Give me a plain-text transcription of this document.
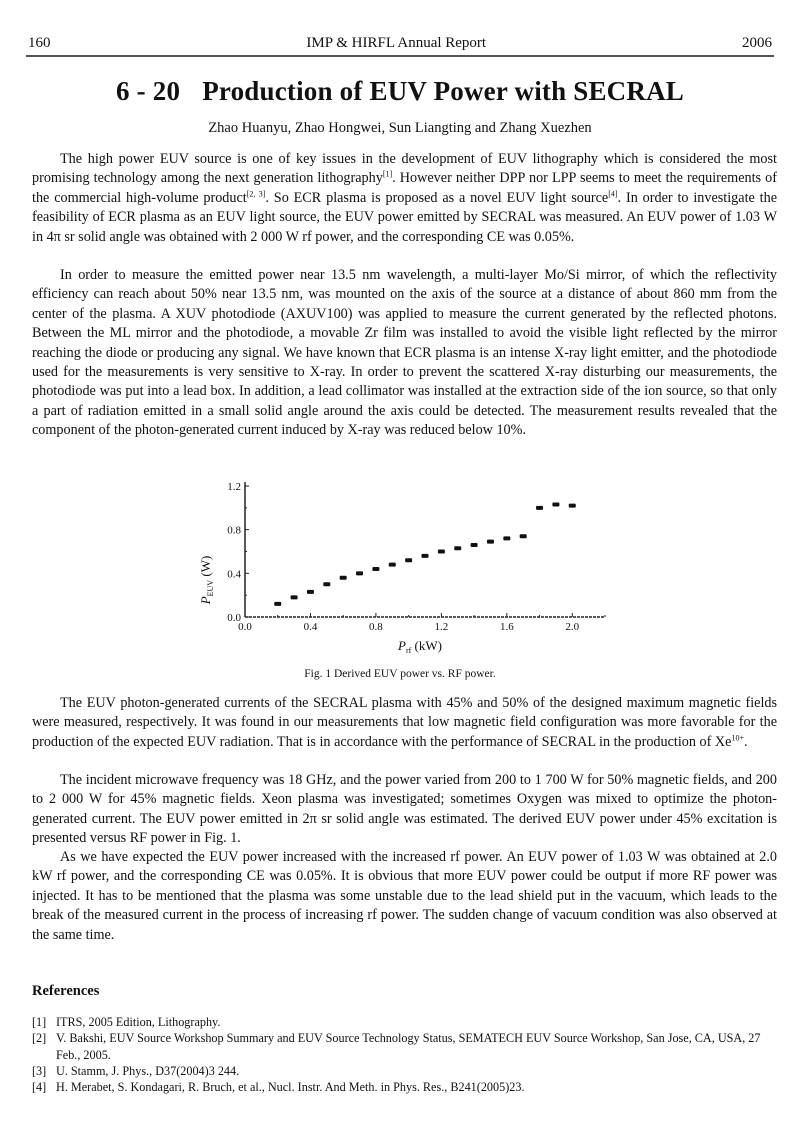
160	IMP & HIRFL Annual Report	2006
6 - 20 Production of EUV Power with SECRAL
Zhao Huanyu, Zhao Hongwei, Sun Liangting and Zhang Xuezhen

The high power EUV source is one of key issues in the development of EUV lithography which is considered the most promising technology among the next generation lithography[1]. However neither DPP nor LPP seems to meet the requirements of the commercial high-volume product[2, 3]. So ECR plasma is proposed as a novel EUV light source[4]. In order to investigate the feasibility of ECR plasma as an EUV light source, the EUV power emitted by SECRAL was measured. An EUV power of 1.03 W in 4π sr solid angle was obtained with 2 000 W rf power, and the corresponding CE was 0.05%.

In order to measure the emitted power near 13.5 nm wavelength, a multi-layer Mo/Si mirror, of which the reflectivity efficiency can reach about 50% near 13.5 nm, was mounted on the axis of the source at a distance of about 860 mm from the center of the plasma. A XUV photodiode (AXUV100) was applied to measure the current generated by the reflected photons. Between the ML mirror and the photodiode, a movable Zr film was installed to avoid the visible light reflected by the mirror reaching the diode or producing any signal. We have known that ECR plasma is an intense X-ray light emitter, and the photodiode used for the measurements is very sensitive to X-ray. In order to prevent the scattered X-ray disturbing our measurements, the photodiode was put into a lead box. In addition, a lead collimator was installed at the extraction side of the ion source, so that only a part of radiation emitted in a small solid angle around the axis could be detected. The measurement results revealed that the component of the photon-generated current induced by X-ray was reduced below 10%.

0.0	0.4	0.8	1.2	1.6	2.0
0.0
0.4
0.8
1.2
$P_{EUV}$ (W)
$P_{rf}$ (kW)
Fig. 1 Derived EUV power vs. RF power.

The EUV photon-generated currents of the SECRAL plasma with 45% and 50% of the designed maximum magnetic fields were measured, respectively. It was found in our measurements that low magnetic field configuration was more favorable for the production of the expected EUV radiation. That is in accordance with the performance of SECRAL in the production of $Xe^{10+}$.

The incident microwave frequency was 18 GHz, and the power varied from 200 to 1 700 W for 50% magnetic fields, and 200 to 2 000 W for 45% magnetic fields. Xeon plasma was investigated; sometimes Oxygen was mixed to optimize the photon-generated current. The EUV power emitted in 2π sr solid angle was estimated. The derived EUV power under 45% excitation is presented versus RF power in Fig. 1.

As we have expected the EUV power increased with the increased rf power. An EUV power of 1.03 W was obtained at 2.0 kW rf power, and the corresponding CE was 0.05%. It is obvious that more EUV power could be output if more RF power was injected. It has to be mentioned that the plasma was some unstable due to the lead shield put in the vacuum, which leads to the break of the measured current in the process of increasing rf power. The sudden change of vacuum condition was also observed at the same time.

References
[1] ITRS, 2005 Edition, Lithography.
[2] V. Bakshi, EUV Source Workshop Summary and EUV Source Technology Status, SEMATECH EUV Source Workshop, San Jose, CA, USA, 27 Feb., 2005.
[3] U. Stamm, J. Phys., D37(2004)3 244.
[4] H. Merabet, S. Kondagari, R. Bruch, et al., Nucl. Instr. And Meth. in Phys. Res., B241(2005)23.
